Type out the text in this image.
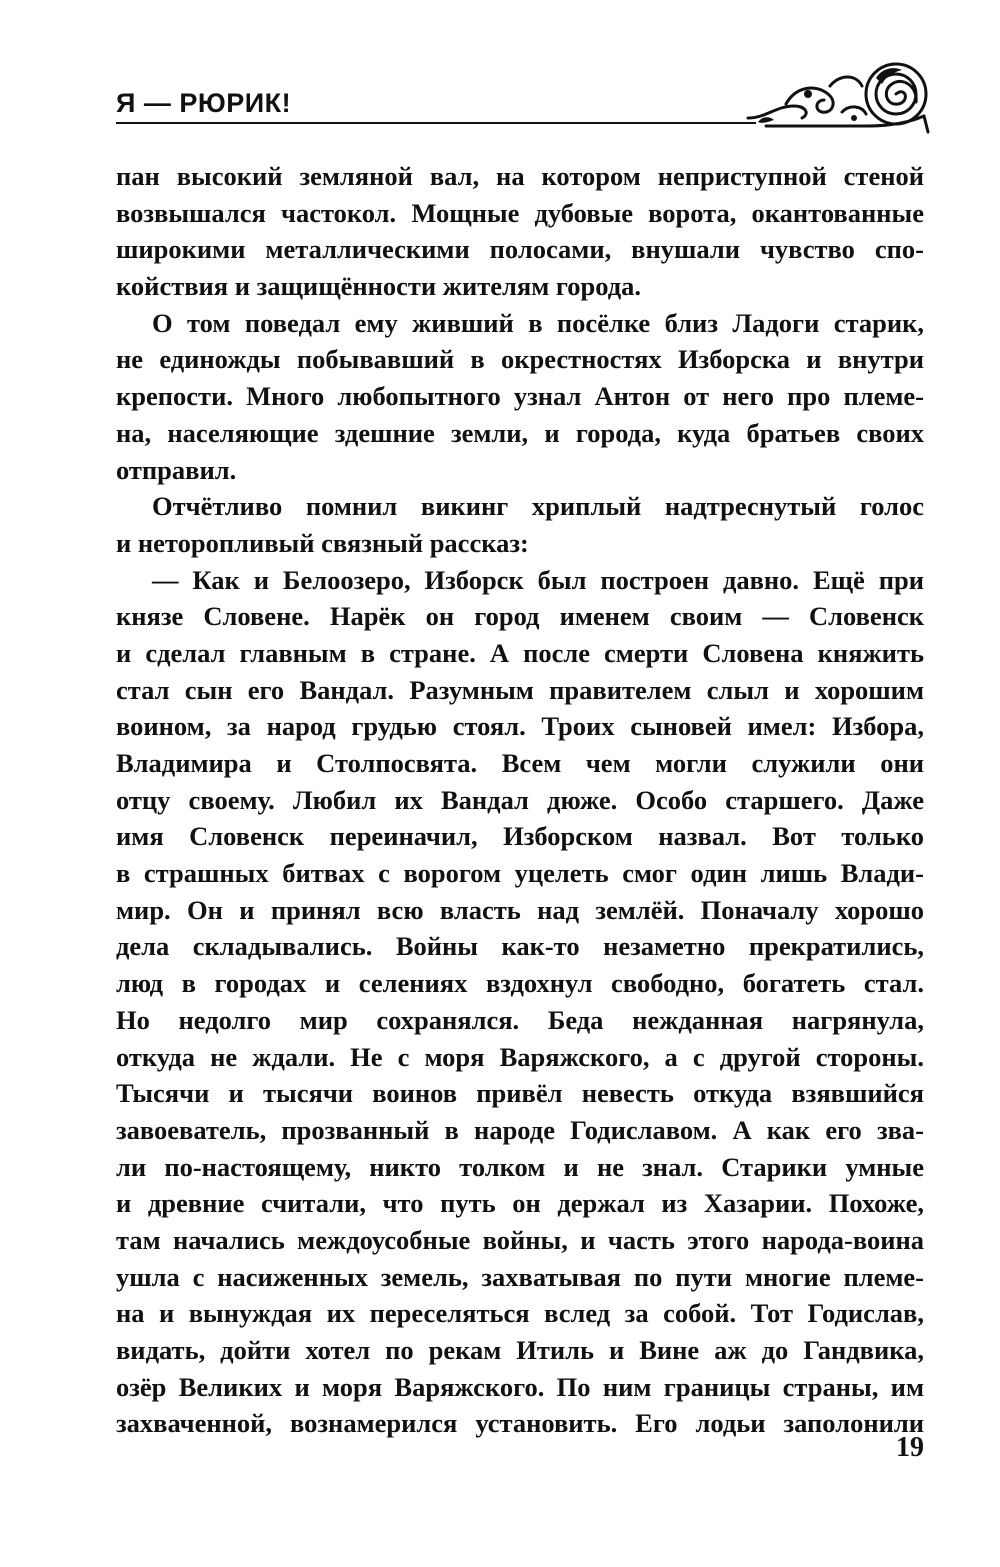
Я — РЮРИК!
пан высокий земляной вал, на котором неприступной стеной
возвышался частокол. Мощные дубовые ворота, окантованные
широкими металлическими полосами, внушали чувство спо-
койствия и защищённости жителям города.
О том поведал ему живший в посёлке близ Ладоги старик,
не единожды побывавший в окрестностях Изборска и внутри
крепости. Много любопытного узнал Антон от него про племе-
на, населяющие здешние земли, и города, куда братьев своих
отправил.
Отчётливо помнил викинг хриплый надтреснутый голос
и неторопливый связный рассказ:
— Как и Белоозеро, Изборск был построен давно. Ещё при
князе Словене. Нарёк он город именем своим — Словенск
и сделал главным в стране. А после смерти Словена княжить
стал сын его Вандал. Разумным правителем слыл и хорошим
воином, за народ грудью стоял. Троих сыновей имел: Избора,
Владимира и Столпосвята. Всем чем могли служили они
отцу своему. Любил их Вандал дюже. Особо старшего. Даже
имя Словенск переиначил, Изборском назвал. Вот только
в страшных битвах с ворогом уцелеть смог один лишь Влади-
мир. Он и принял всю власть над землёй. Поначалу хорошо
дела складывались. Войны как-то незаметно прекратились,
люд в городах и селениях вздохнул свободно, богатеть стал.
Но недолго мир сохранялся. Беда нежданная нагрянула,
откуда не ждали. Не с моря Варяжского, а с другой стороны.
Тысячи и тысячи воинов привёл невесть откуда взявшийся
завоеватель, прозванный в народе Годиславом. А как его зва-
ли по-настоящему, никто толком и не знал. Старики умные
и древние считали, что путь он держал из Хазарии. Похоже,
там начались междоусобные войны, и часть этого народа-воина
ушла с насиженных земель, захватывая по пути многие племе-
на и вынуждая их переселяться вслед за собой. Тот Годислав,
видать, дойти хотел по рекам Итиль и Вине аж до Гандвика,
озёр Великих и моря Варяжского. По ним границы страны, им
захваченной, вознамерился установить. Его лодьи заполонили
19
